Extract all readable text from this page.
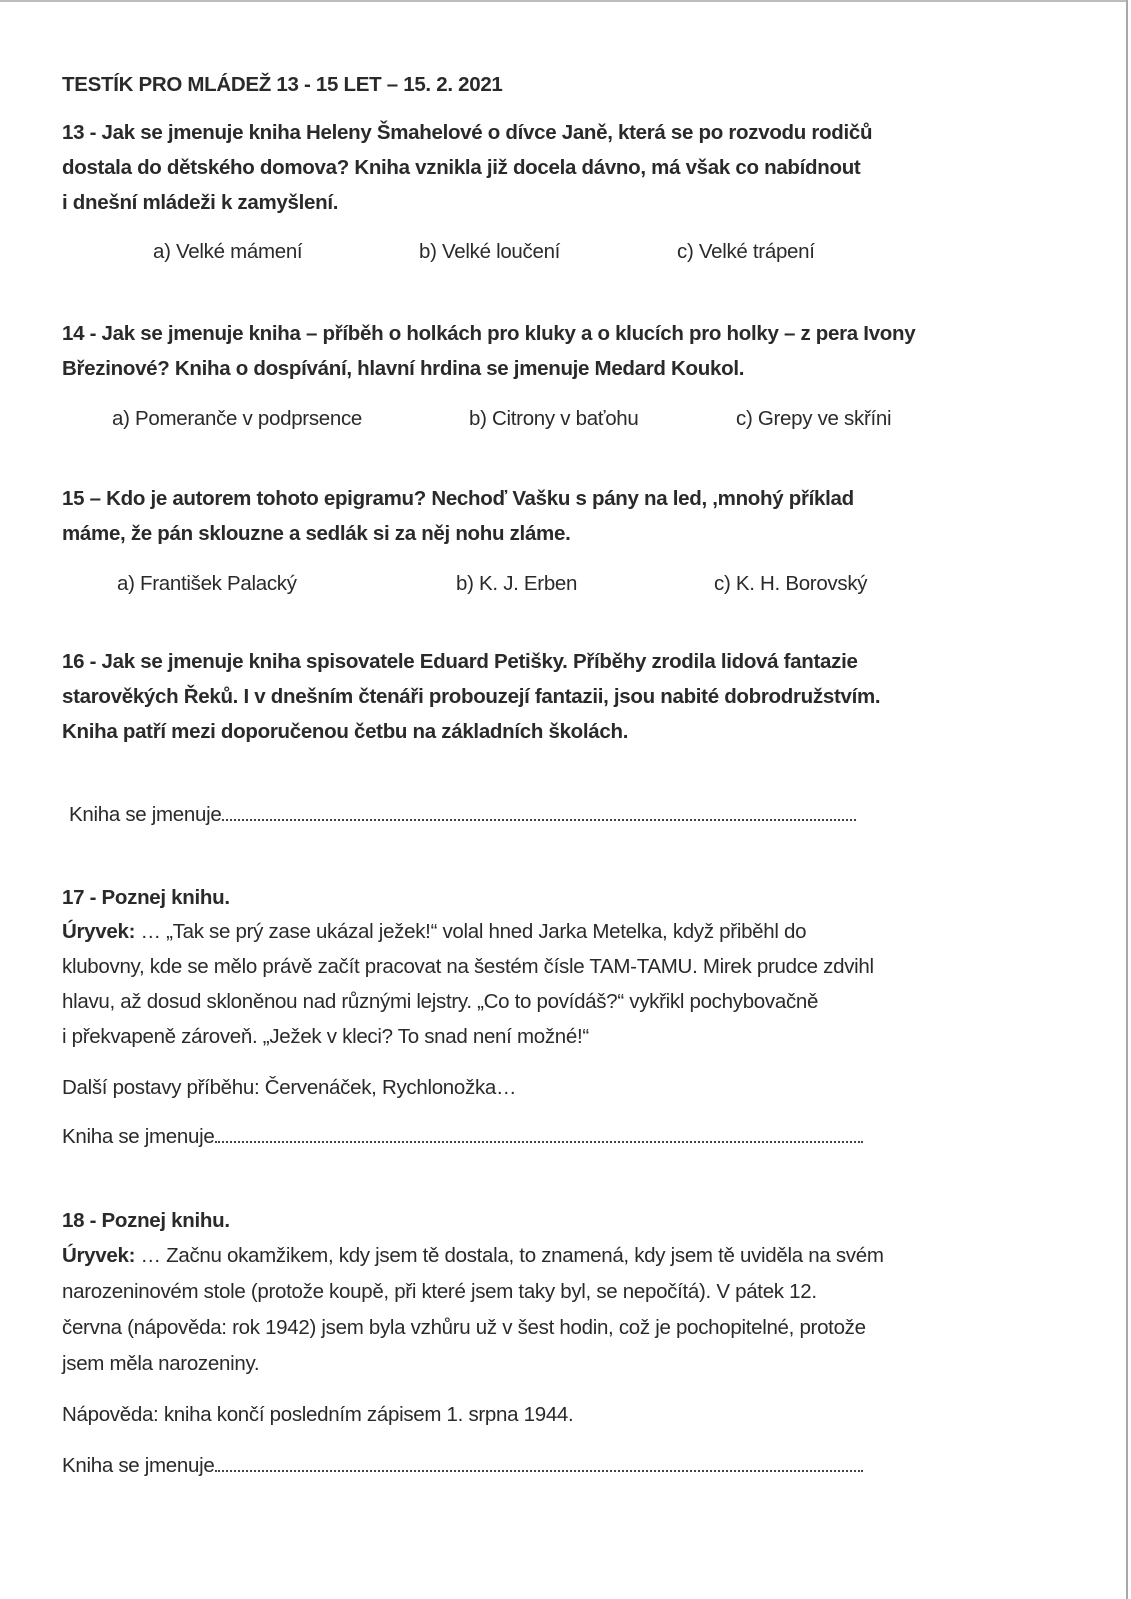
TESTÍK PRO MLÁDEŽ 13 - 15 LET – 15. 2. 2021
13 - Jak se jmenuje kniha Heleny Šmahelové o dívce Janě, která se po rozvodu rodičů
dostala do dětského domova? Kniha vznikla již docela dávno, má však co nabídnout
i dnešní mládeži k zamyšlení.
a) Velké mámení	b) Velké loučení	c) Velké trápení
14 - Jak se jmenuje kniha – příběh o holkách pro kluky a o klucích pro holky – z pera Ivony
Březinové? Kniha o dospívání, hlavní hrdina se jmenuje Medard Koukol.
a) Pomeranče v podprsence	b) Citrony v baťohu	c) Grepy ve skříni
15 – Kdo je autorem tohoto epigramu? Nechoď Vašku s pány na led, ,mnohý příklad
máme, že pán sklouzne a sedlák si za něj nohu zláme.
a) František Palacký	b) K. J. Erben	c) K. H. Borovský
16 - Jak se jmenuje kniha spisovatele Eduard Petišky. Příběhy zrodila lidová fantazie
starověkých Řeků. I v dnešním čtenáři probouzejí fantazii, jsou nabité dobrodružstvím.
Kniha patří mezi doporučenou četbu na základních školách.
Kniha se jmenuje
17 - Poznej knihu.
Úryvek: … „Tak se prý zase ukázal ježek!“ volal hned Jarka Metelka, když přiběhl do
klubovny, kde se mělo právě začít pracovat na šestém čísle TAM-TAMU. Mirek prudce zdvihl
hlavu, až dosud skloněnou nad různými lejstry. „Co to povídáš?“ vykřikl pochybovačně
i překvapeně zároveň. „Ježek v kleci? To snad není možné!“
Další postavy příběhu: Červenáček, Rychlonožka…
Kniha se jmenuje
18 - Poznej knihu.
Úryvek: … Začnu okamžikem, kdy jsem tě dostala, to znamená, kdy jsem tě uviděla na svém
narozeninovém stole (protože koupě, při které jsem taky byl, se nepočítá). V pátek 12.
června (nápověda: rok 1942) jsem byla vzhůru už v šest hodin, což je pochopitelné, protože
jsem měla narozeniny.
Nápověda: kniha končí posledním zápisem 1. srpna 1944.
Kniha se jmenuje
